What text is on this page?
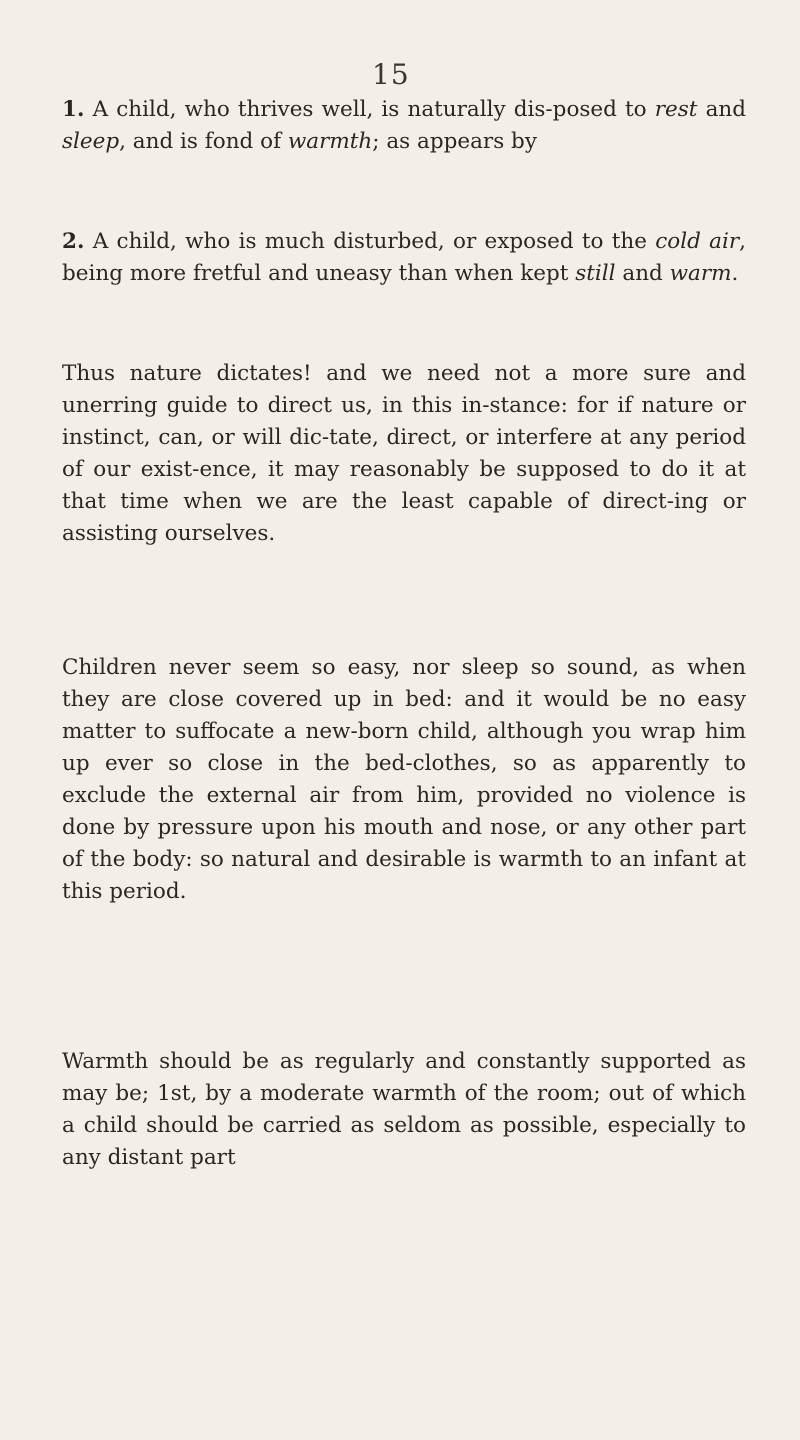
15

1. A child, who thrives well, is naturally dis-posed to rest and sleep, and is fond of warmth; as appears by

2. A child, who is much disturbed, or exposed to the cold air, being more fretful and uneasy than when kept still and warm.

Thus nature dictates! and we need not a more sure and unerring guide to direct us, in this in-stance: for if nature or instinct, can, or will dic-tate, direct, or interfere at any period of our exist-ence, it may reasonably be supposed to do it at that time when we are the least capable of direct-ing or assisting ourselves.

Children never seem so easy, nor sleep so sound, as when they are close covered up in bed: and it would be no easy matter to suffocate a new-born child, although you wrap him up ever so close in the bed-clothes, so as apparently to exclude the external air from him, provided no violence is done by pressure upon his mouth and nose, or any other part of the body: so natural and desirable is warmth to an infant at this period.

Warmth should be as regularly and constantly supported as may be; 1st, by a moderate warmth of the room; out of which a child should be carried as seldom as possible, especially to any distant part
